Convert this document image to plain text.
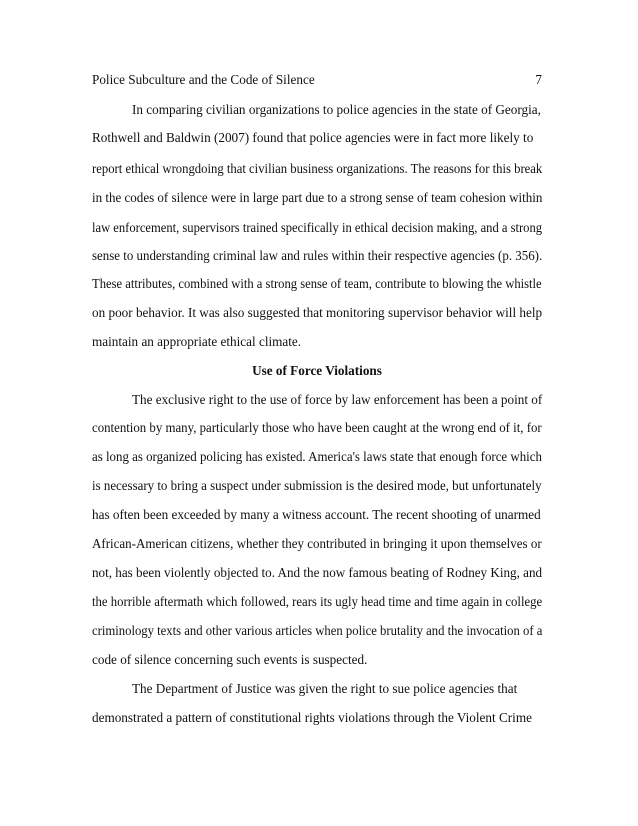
Police Subculture and the Code of Silence	7
In comparing civilian organizations to police agencies in the state of Georgia,
Rothwell and Baldwin (2007) found that police agencies were in fact more likely to
report ethical wrongdoing that civilian business organizations. The reasons for this break
in the codes of silence were in large part due to a strong sense of team cohesion within
law enforcement, supervisors trained specifically in ethical decision making, and a strong
sense to understanding criminal law and rules within their respective agencies (p. 356).
These attributes, combined with a strong sense of team, contribute to blowing the whistle
on poor behavior. It was also suggested that monitoring supervisor behavior will help
maintain an appropriate ethical climate.
Use of Force Violations
The exclusive right to the use of force by law enforcement has been a point of
contention by many, particularly those who have been caught at the wrong end of it, for
as long as organized policing has existed. America's laws state that enough force which
is necessary to bring a suspect under submission is the desired mode, but unfortunately
has often been exceeded by many a witness account. The recent shooting of unarmed
African-American citizens, whether they contributed in bringing it upon themselves or
not, has been violently objected to. And the now famous beating of Rodney King, and
the horrible aftermath which followed, rears its ugly head time and time again in college
criminology texts and other various articles when police brutality and the invocation of a
code of silence concerning such events is suspected.
The Department of Justice was given the right to sue police agencies that
demonstrated a pattern of constitutional rights violations through the Violent Crime
